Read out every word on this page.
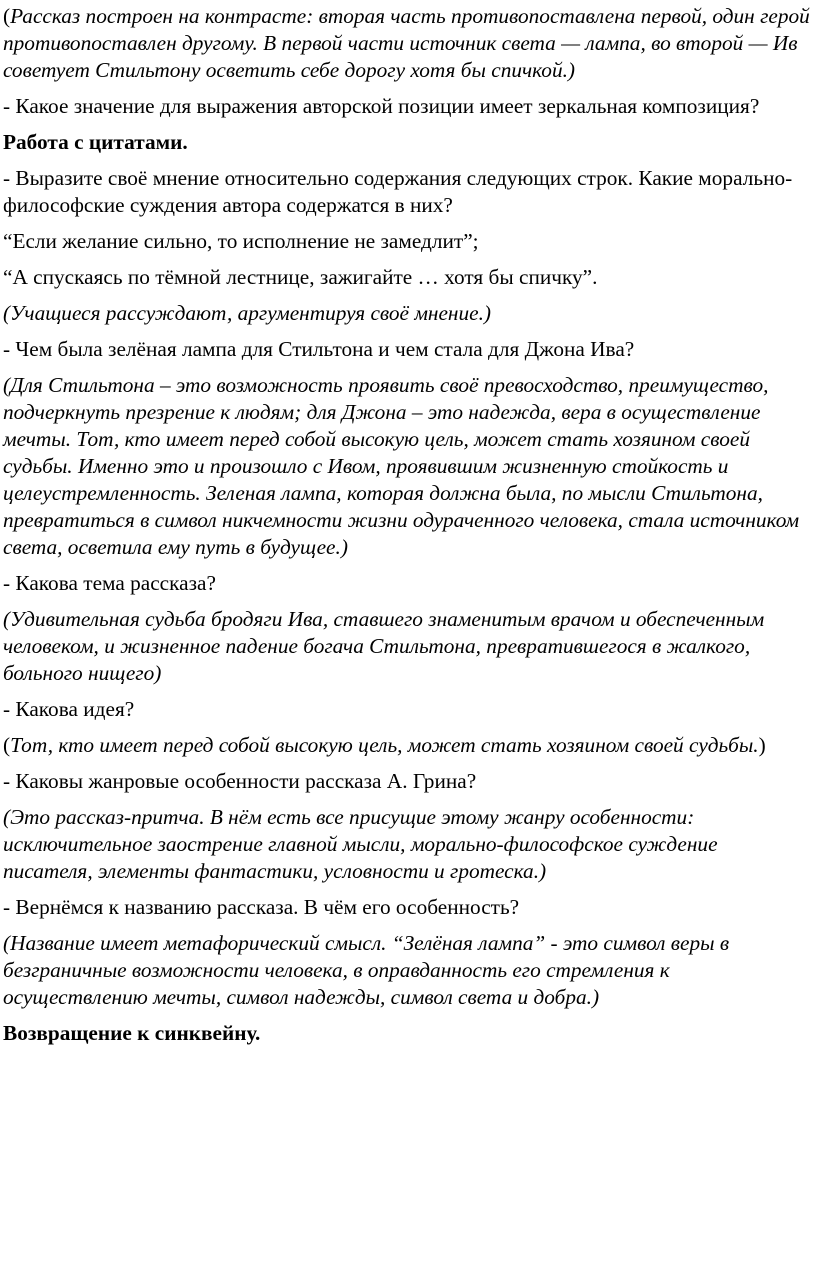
(Рассказ построен на контрасте: вторая часть противопоставлена первой, один герой противопоставлен другому. В первой части источник света — лампа, во второй — Ив советует Стильтону осветить себе дорогу хотя бы спичкой.)

- Какое значение для выражения авторской позиции имеет зеркальная композиция?

Работа с цитатами.

- Выразите своё мнение относительно содержания следующих строк. Какие морально-философские суждения автора содержатся в них?

“Если желание сильно, то исполнение не замедлит”;

“А спускаясь по тёмной лестнице, зажигайте … хотя бы спичку”.

(Учащиеся рассуждают, аргументируя своё мнение.)

- Чем была зелёная лампа для Стильтона и чем стала для Джона Ива?

(Для Стильтона – это возможность проявить своё превосходство, преимущество, подчеркнуть презрение к людям; для Джона – это надежда, вера в осуществление мечты. Тот, кто имеет перед собой высокую цель, может стать хозяином своей судьбы. Именно это и произошло с Ивом, проявившим жизненную стойкость и целеустремленность. Зеленая лампа, которая должна была, по мысли Стильтона, превратиться в символ никчемности жизни одураченного человека, стала источником света, осветила ему путь в будущее.)

- Какова тема рассказа?

(Удивительная судьба бродяги Ива, ставшего знаменитым врачом и обеспеченным человеком, и жизненное падение богача Стильтона, превратившегося в жалкого, больного нищего)

- Какова идея?

(Тот, кто имеет перед собой высокую цель, может стать хозяином своей судьбы.)

- Каковы жанровые особенности рассказа А. Грина?

(Это рассказ-притча. В нём есть все присущие этому жанру особенности: исключительное заострение главной мысли, морально-философское суждение писателя, элементы фантастики, условности и гротеска.)

- Вернёмся к названию рассказа. В чём его особенность?

(Название имеет метафорический смысл. “Зелёная лампа” - это символ веры в безграничные возможности человека, в оправданность его стремления к осуществлению мечты, символ надежды, символ света и добра.)

Возвращение к синквейну.
